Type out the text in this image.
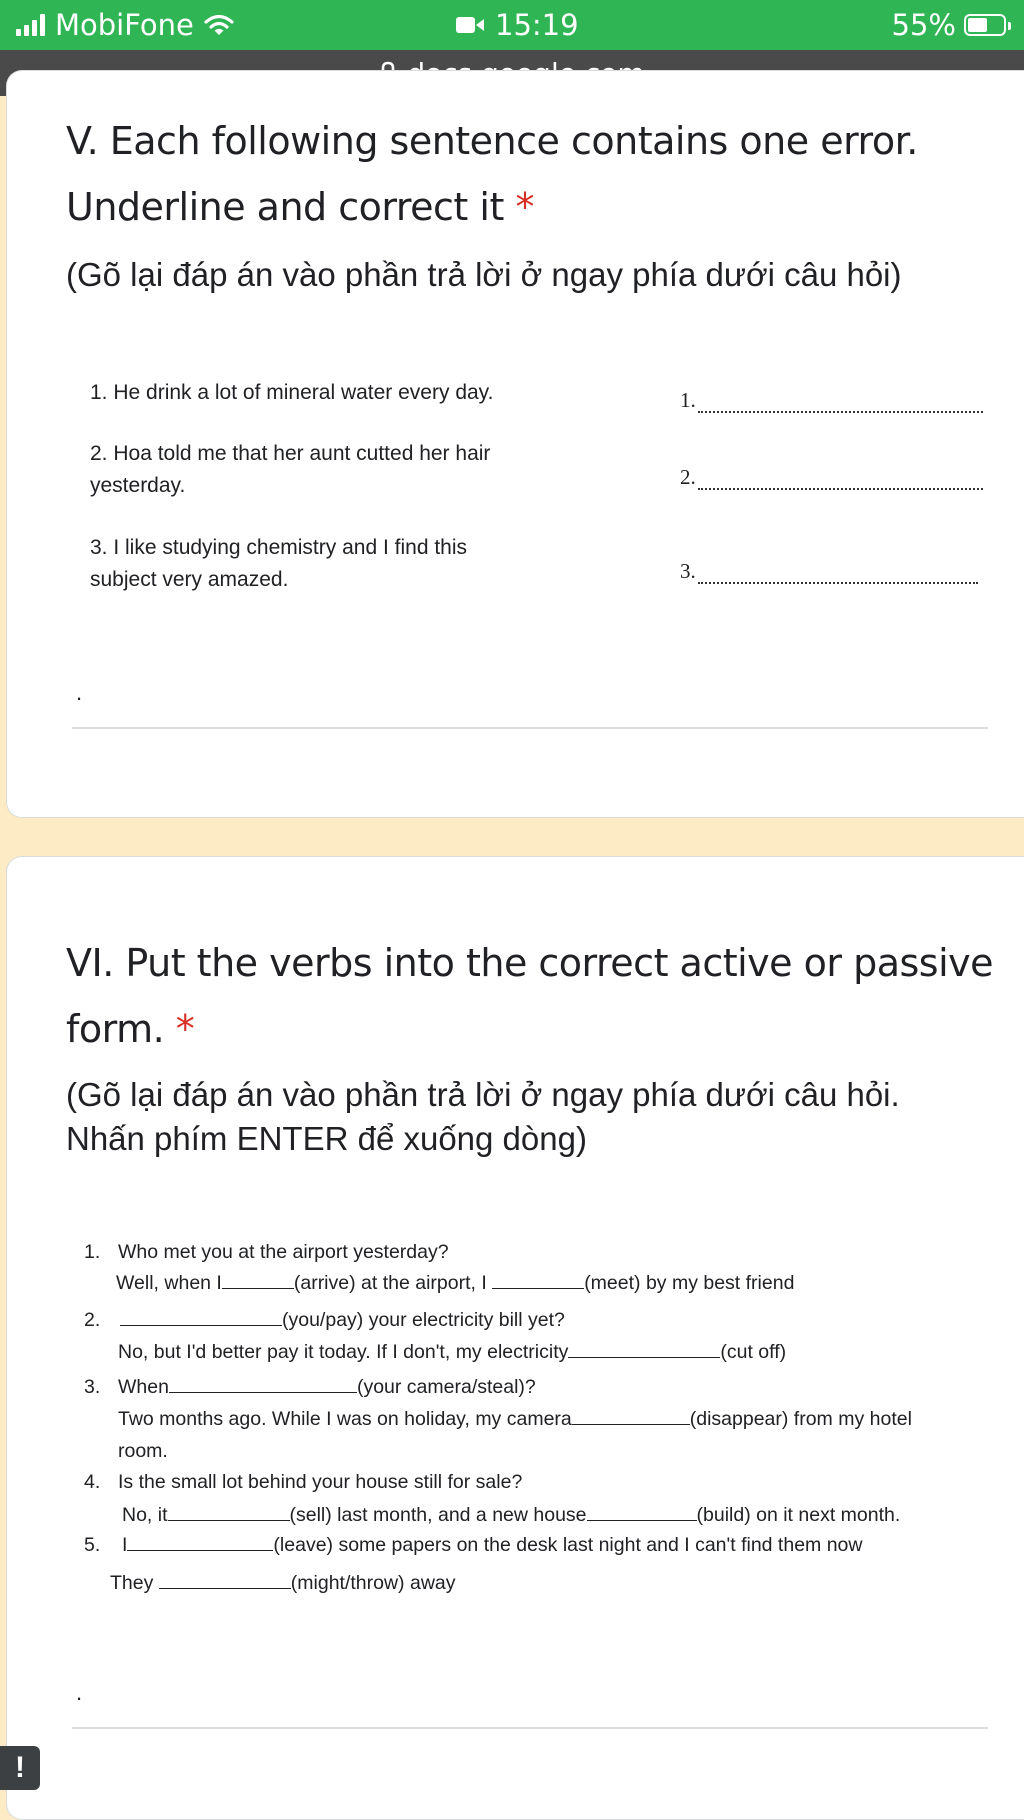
MobiFone	15:19	55%
V. Each following sentence contains one error.
Underline and correct it *

(Gõ lại đáp án vào phần trả lời ở ngay phía dưới câu hỏi)

1. He drink a lot of mineral water every day.	1.
2. Hoa told me that her aunt cutted her hair
yesterday.	2.
3. I like studying chemistry and I find this
subject very amazed.	3.
.
VI. Put the verbs into the correct active or passive
form. *

(Gõ lại đáp án vào phần trả lời ở ngay phía dưới câu hỏi.

Nhấn phím ENTER để xuống dòng)

1. Who met you at the airport yesterday?
Well, when I	(arrive) at the airport, I	(meet) by my best friend
2.	(you/pay) your electricity bill yet?
No, but I'd better pay it today. If I don't, my electricity	(cut off)
3. When	(your camera/steal)?
Two months ago. While I was on holiday, my camera	(disappear) from my hotel
room.
4. Is the small lot behind your house still for sale?
No, it	(sell) last month, and a new house	(build) on it next month.
5. I	(leave) some papers on the desk last night and I can't find them now
They	(might/throw) away
.
!
